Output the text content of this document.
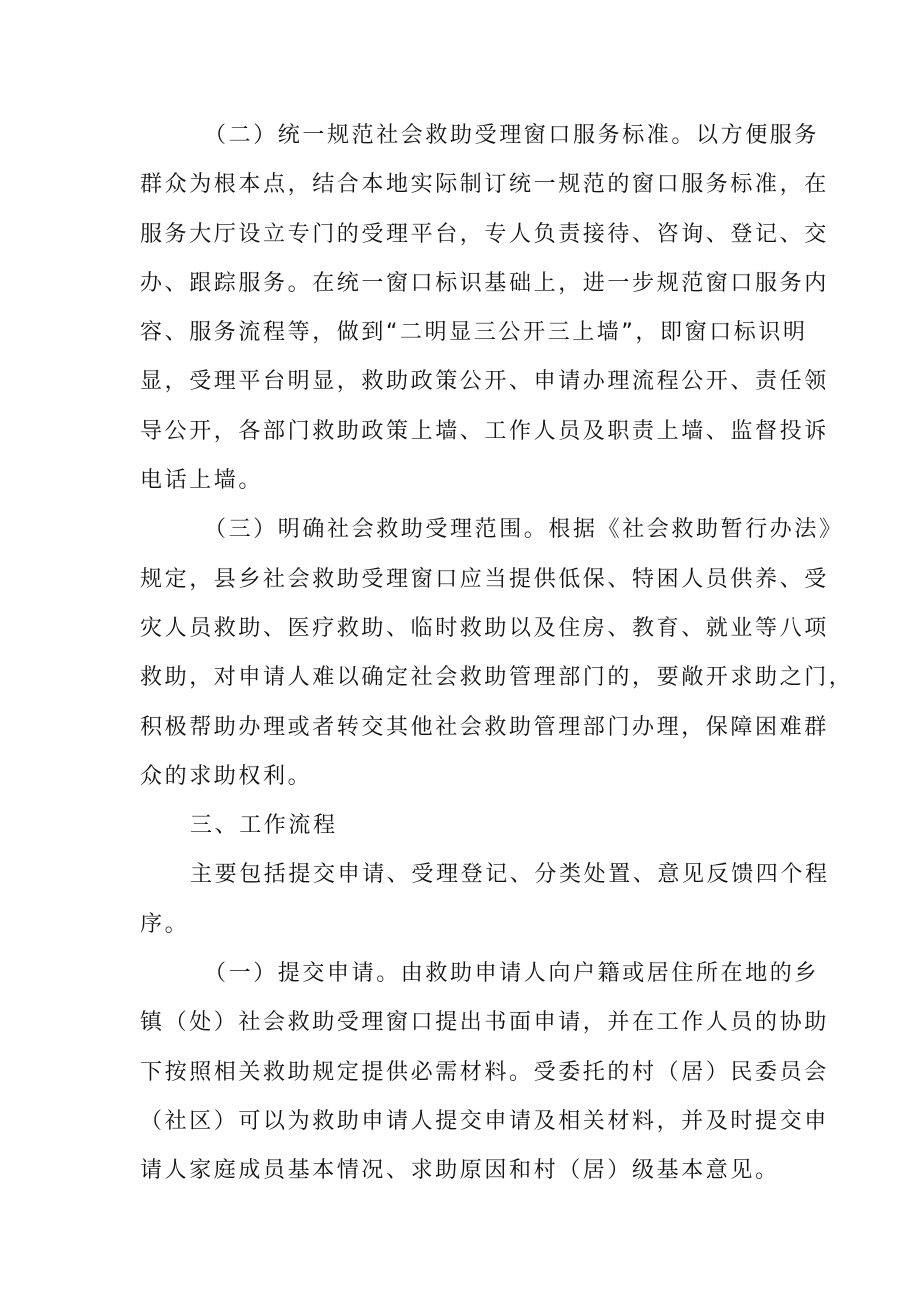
（二）统一规范社会救助受理窗口服务标准。以方便服务
群众为根本点，结合本地实际制订统一规范的窗口服务标准，在
服务大厅设立专门的受理平台，专人负责接待、咨询、登记、交
办、跟踪服务。在统一窗口标识基础上，进一步规范窗口服务内
容、服务流程等，做到“二明显三公开三上墙”，即窗口标识明
显，受理平台明显，救助政策公开、申请办理流程公开、责任领
导公开，各部门救助政策上墙、工作人员及职责上墙、监督投诉
电话上墙。
（三）明确社会救助受理范围。根据《社会救助暂行办法》
规定，县乡社会救助受理窗口应当提供低保、特困人员供养、受
灾人员救助、医疗救助、临时救助以及住房、教育、就业等八项
救助，对申请人难以确定社会救助管理部门的，要敞开求助之门，
积极帮助办理或者转交其他社会救助管理部门办理，保障困难群
众的求助权利。
三、工作流程
主要包括提交申请、受理登记、分类处置、意见反馈四个程
序。
（一）提交申请。由救助申请人向户籍或居住所在地的乡
镇（处）社会救助受理窗口提出书面申请，并在工作人员的协助
下按照相关救助规定提供必需材料。受委托的村（居）民委员会
（社区）可以为救助申请人提交申请及相关材料，并及时提交申
请人家庭成员基本情况、求助原因和村（居）级基本意见。
